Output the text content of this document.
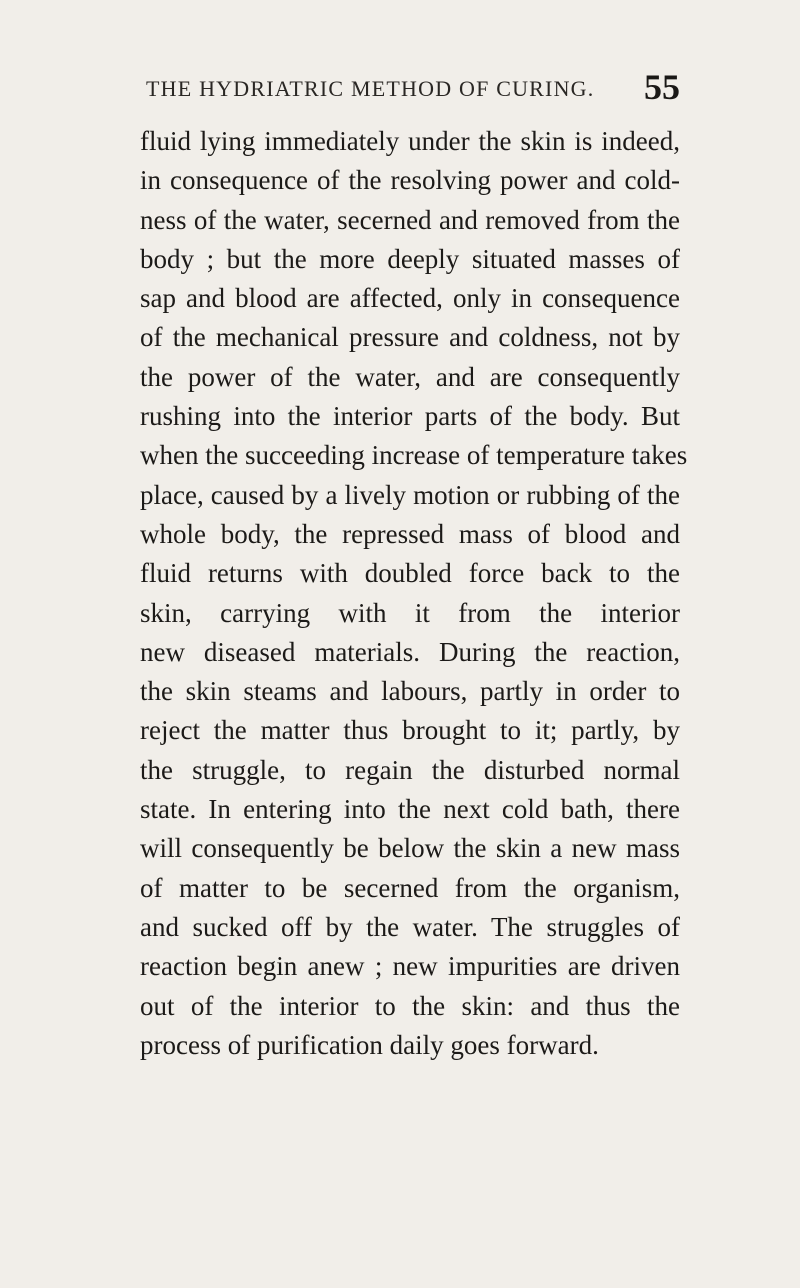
THE HYDRIATRIC METHOD OF CURING. 55
fluid lying immediately under the skin is indeed,
in consequence of the resolving power and cold-
ness of the water, secerned and removed from the
body ; but the more deeply situated masses of
sap and blood are affected, only in consequence
of the mechanical pressure and coldness, not by
the power of the water, and are consequently
rushing into the interior parts of the body. But
when the succeeding increase of temperature takes
place, caused by a lively motion or rubbing of the
whole body, the repressed mass of blood and
fluid returns with doubled force back to the
skin, carrying with it from the interior
new diseased materials. During the reaction,
the skin steams and labours, partly in order to
reject the matter thus brought to it; partly, by
the struggle, to regain the disturbed normal
state. In entering into the next cold bath, there
will consequently be below the skin a new mass
of matter to be secerned from the organism,
and sucked off by the water. The struggles of
reaction begin anew ; new impurities are driven
out of the interior to the skin: and thus the
process of purification daily goes forward.
